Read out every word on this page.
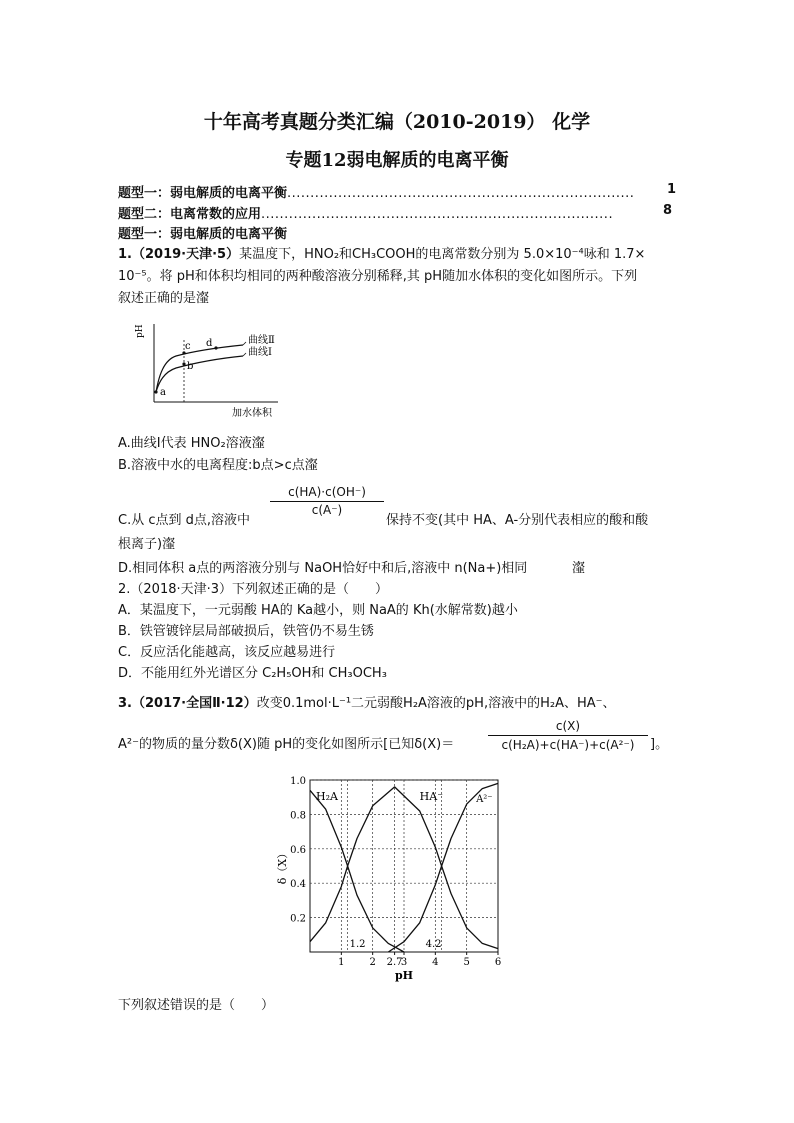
十年高考真题分类汇编（2010-2019） 化学
专题12弱电解质的电离平衡
题型一：弱电解质的电离平衡...........................................................................	1
题型二：电离常数的应用............................................................................	8
题型一：弱电解质的电离平衡
1.（2019·天津·5）某温度下，HNO₂和CH₃COOH的电离常数分别为 5.0×10⁻⁴咏和 1.7×
10⁻⁵。将 pH和体积均相同的两种酸溶液分别稀释,其 pH随加水体积的变化如图所示。下列
叙述正确的是瀣
pH
加水体积
曲线Ⅱ
曲线Ⅰ
a
b
c d
A.曲线Ⅰ代表 HNO₂溶液瀣
B.溶液中水的电离程度:b点>c点瀣
C.从 c点到 d点,溶液中
c(HA)·c(OH⁻)
c(A⁻)
保持不变(其中 HA、A-分别代表相应的酸和酸
根离子)瀣
D.相同体积 a点的两溶液分别与 NaOH恰好中和后,溶液中 n(Na+)相同	瀣
2.（2018·天津·3）下列叙述正确的是（　　）
A．某温度下，一元弱酸 HA的 Ka越小，则 NaA的 Kh(水解常数)越小
B．铁管镀锌层局部破损后，铁管仍不易生锈
C．反应活化能越高，该反应越易进行
D．不能用红外光谱区分 C₂H₅OH和 CH₃OCH₃
3.（2017·全国Ⅱ·12）改变0.1mol·L⁻¹二元弱酸H₂A溶液的pH,溶液中的H₂A、HA⁻、
A²⁻的物质的量分数δ(X)随 pH的变化如图所示[已知δ(X)＝
c(X)
c(H₂A)+c(HA⁻)+c(A²⁻)	]。
0.2
0.4
0.6
0.8
1.0
1 2 2.7
3 4 5 6
1.2	4.2
pH
δ（X）
H₂A	HA⁻	A²⁻
下列叙述错误的是（　　）
